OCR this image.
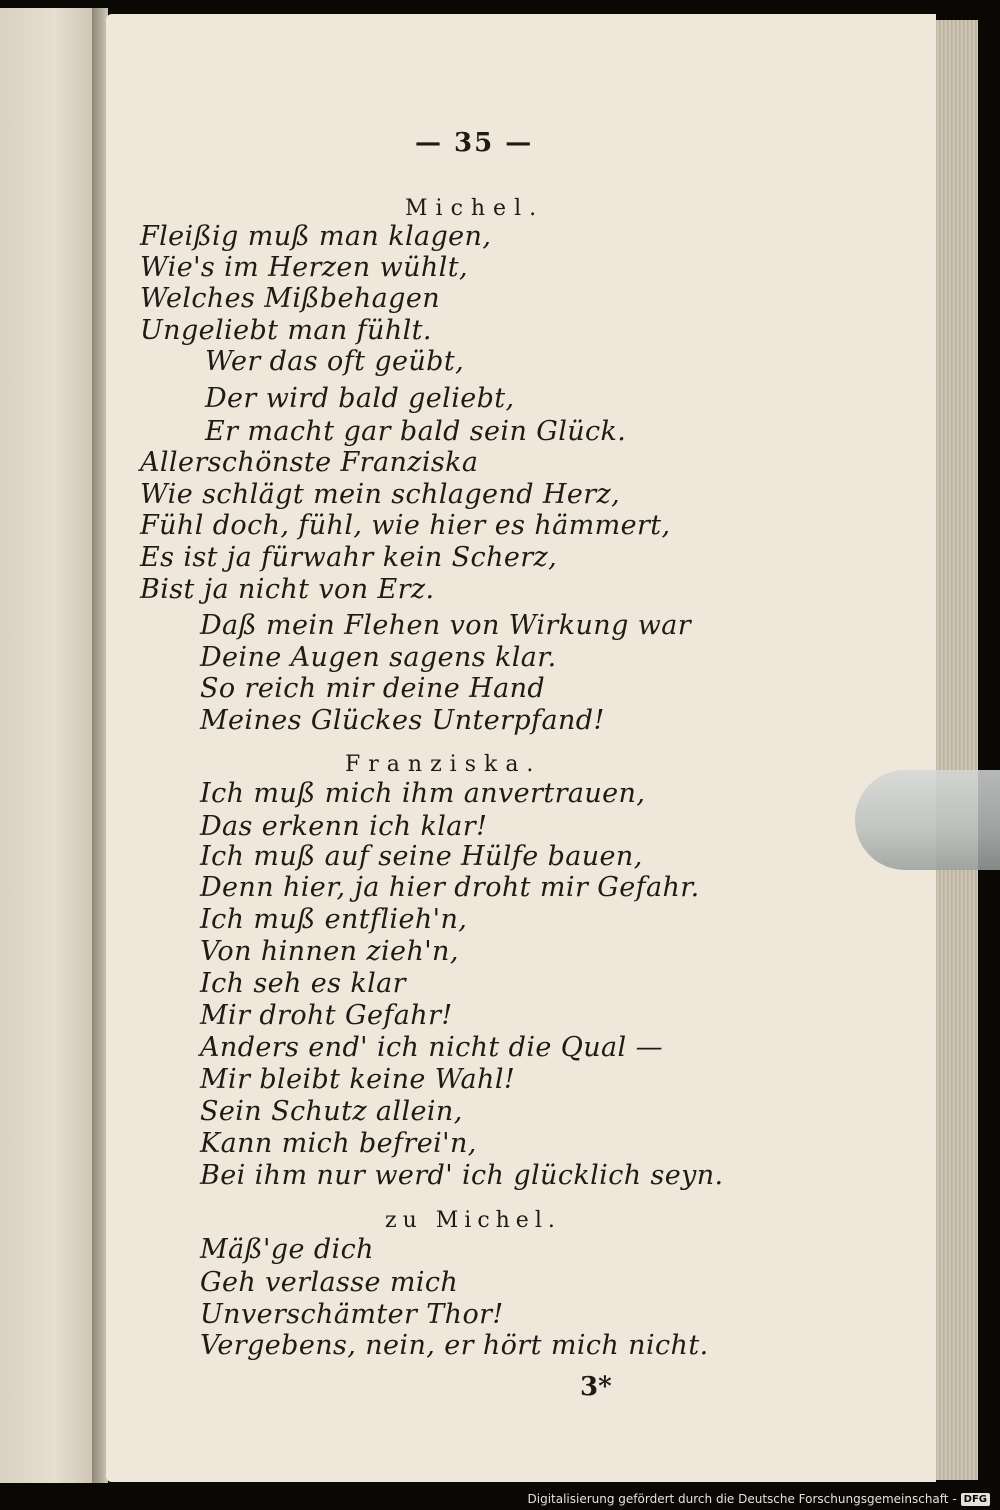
— 35 —
Michel.
Fleißig muß man klagen,
Wie's im Herzen wühlt,
Welches Mißbehagen
Ungeliebt man fühlt.
Wer das oft geübt,
Der wird bald geliebt,
Er macht gar bald sein Glück.
Allerschönste Franziska
Wie schlägt mein schlagend Herz,
Fühl doch, fühl, wie hier es hämmert,
Es ist ja fürwahr kein Scherz,
Bist ja nicht von Erz.
Daß mein Flehen von Wirkung war
Deine Augen sagens klar.
So reich mir deine Hand
Meines Glückes Unterpfand!
Franziska.
Ich muß mich ihm anvertrauen,
Das erkenn ich klar!
Ich muß auf seine Hülfe bauen,
Denn hier, ja hier droht mir Gefahr.
Ich muß entflieh'n,
Von hinnen zieh'n,
Ich seh es klar
Mir droht Gefahr!
Anders end' ich nicht die Qual —
Mir bleibt keine Wahl!
Sein Schutz allein,
Kann mich befrei'n,
Bei ihm nur werd' ich glücklich seyn.
zu Michel.
Mäß'ge dich
Geh verlasse mich
Unverschämter Thor!
Vergebens, nein, er hört mich nicht.
3*
Digitalisierung gefördert durch die Deutsche Forschungsgemeinschaft - DFG
